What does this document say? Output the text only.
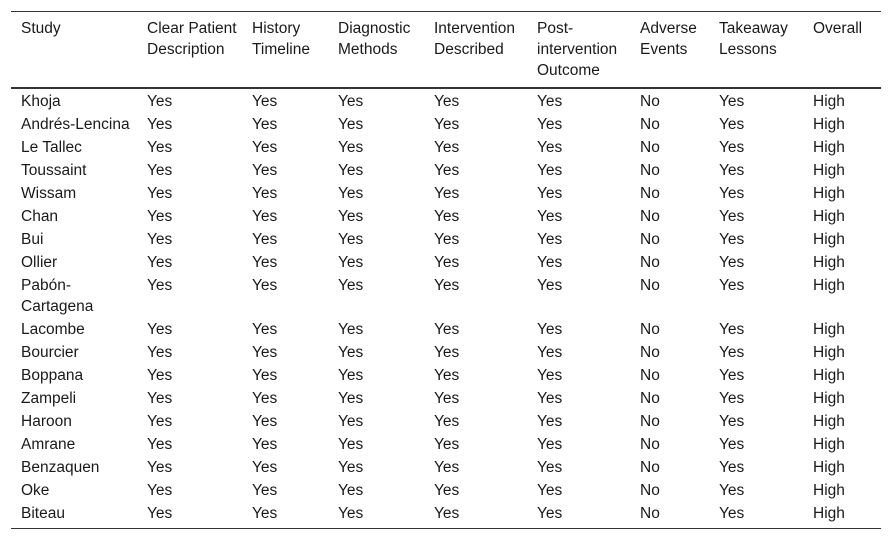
Study	Clear Patient Description	History Timeline	Diagnostic Methods	Intervention Described	Post-intervention Outcome	Adverse Events	Takeaway Lessons	Overall
Khoja	Yes	Yes	Yes	Yes	Yes	No	Yes	High
Andrés-Lencina	Yes	Yes	Yes	Yes	Yes	No	Yes	High
Le Tallec	Yes	Yes	Yes	Yes	Yes	No	Yes	High
Toussaint	Yes	Yes	Yes	Yes	Yes	No	Yes	High
Wissam	Yes	Yes	Yes	Yes	Yes	No	Yes	High
Chan	Yes	Yes	Yes	Yes	Yes	No	Yes	High
Bui	Yes	Yes	Yes	Yes	Yes	No	Yes	High
Ollier	Yes	Yes	Yes	Yes	Yes	No	Yes	High
Pabón-Cartagena	Yes	Yes	Yes	Yes	Yes	No	Yes	High
Lacombe	Yes	Yes	Yes	Yes	Yes	No	Yes	High
Bourcier	Yes	Yes	Yes	Yes	Yes	No	Yes	High
Boppana	Yes	Yes	Yes	Yes	Yes	No	Yes	High
Zampeli	Yes	Yes	Yes	Yes	Yes	No	Yes	High
Haroon	Yes	Yes	Yes	Yes	Yes	No	Yes	High
Amrane	Yes	Yes	Yes	Yes	Yes	No	Yes	High
Benzaquen	Yes	Yes	Yes	Yes	Yes	No	Yes	High
Oke	Yes	Yes	Yes	Yes	Yes	No	Yes	High
Biteau	Yes	Yes	Yes	Yes	Yes	No	Yes	High
